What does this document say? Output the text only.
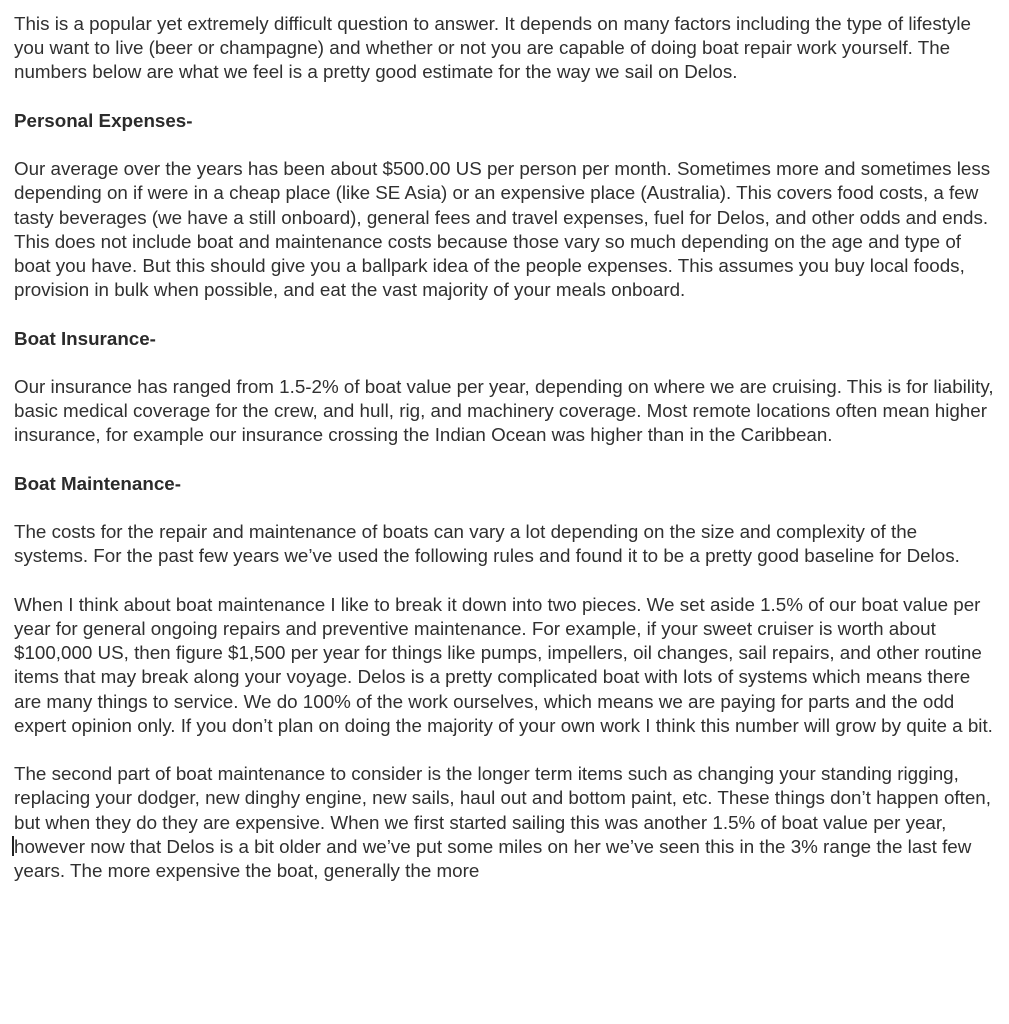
This is a popular yet extremely difficult question to answer. It depends on many factors including the type of lifestyle you want to live (beer or champagne) and whether or not you are capable of doing boat repair work yourself. The numbers below are what we feel is a pretty good estimate for the way we sail on Delos.
Personal Expenses-
Our average over the years has been about $500.00 US per person per month. Sometimes more and sometimes less depending on if were in a cheap place (like SE Asia) or an expensive place (Australia). This covers food costs, a few tasty beverages (we have a still onboard), general fees and travel expenses, fuel for Delos, and other odds and ends. This does not include boat and maintenance costs because those vary so much depending on the age and type of boat you have. But this should give you a ballpark idea of the people expenses. This assumes you buy local foods, provision in bulk when possible, and eat the vast majority of your meals onboard.
Boat Insurance-
Our insurance has ranged from 1.5-2% of boat value per year, depending on where we are cruising. This is for liability, basic medical coverage for the crew, and hull, rig, and machinery coverage. Most remote locations often mean higher insurance, for example our insurance crossing the Indian Ocean was higher than in the Caribbean.
Boat Maintenance-
The costs for the repair and maintenance of boats can vary a lot depending on the size and complexity of the systems. For the past few years we’ve used the following rules and found it to be a pretty good baseline for Delos.
When I think about boat maintenance I like to break it down into two pieces. We set aside 1.5% of our boat value per year for general ongoing repairs and preventive maintenance. For example, if your sweet cruiser is worth about $100,000 US, then figure $1,500 per year for things like pumps, impellers, oil changes, sail repairs, and other routine items that may break along your voyage. Delos is a pretty complicated boat with lots of systems which means there are many things to service. We do 100% of the work ourselves, which means we are paying for parts and the odd expert opinion only. If you don’t plan on doing the majority of your own work I think this number will grow by quite a bit.
The second part of boat maintenance to consider is the longer term items such as changing your standing rigging, replacing your dodger, new dinghy engine, new sails, haul out and bottom paint, etc. These things don’t happen often, but when they do they are expensive. When we first started sailing this was another 1.5% of boat value per year, however now that Delos is a bit older and we’ve put some miles on her we’ve seen this in the 3% range the last few years. The more expensive the boat, generally the more
